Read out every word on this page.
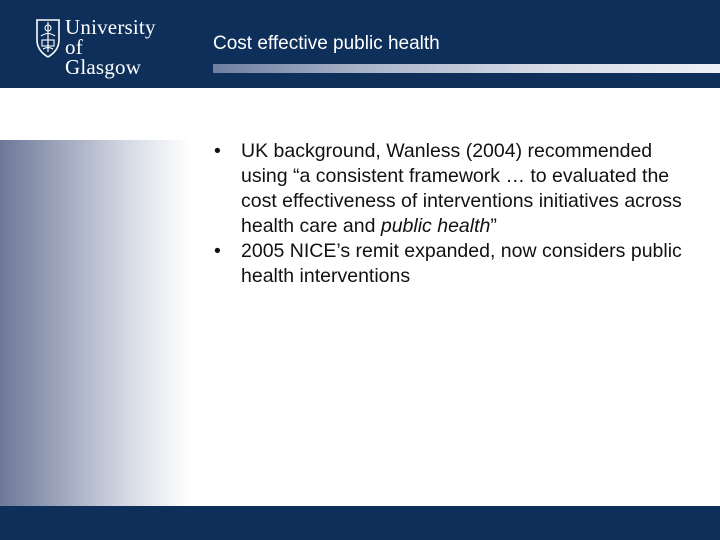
University
of Glasgow
Cost effective public health
• UK background, Wanless (2004) recommended using “a consistent framework … to evaluated the cost effectiveness of interventions initiatives across health care and public health”
• 2005 NICE’s remit expanded, now considers public health interventions
